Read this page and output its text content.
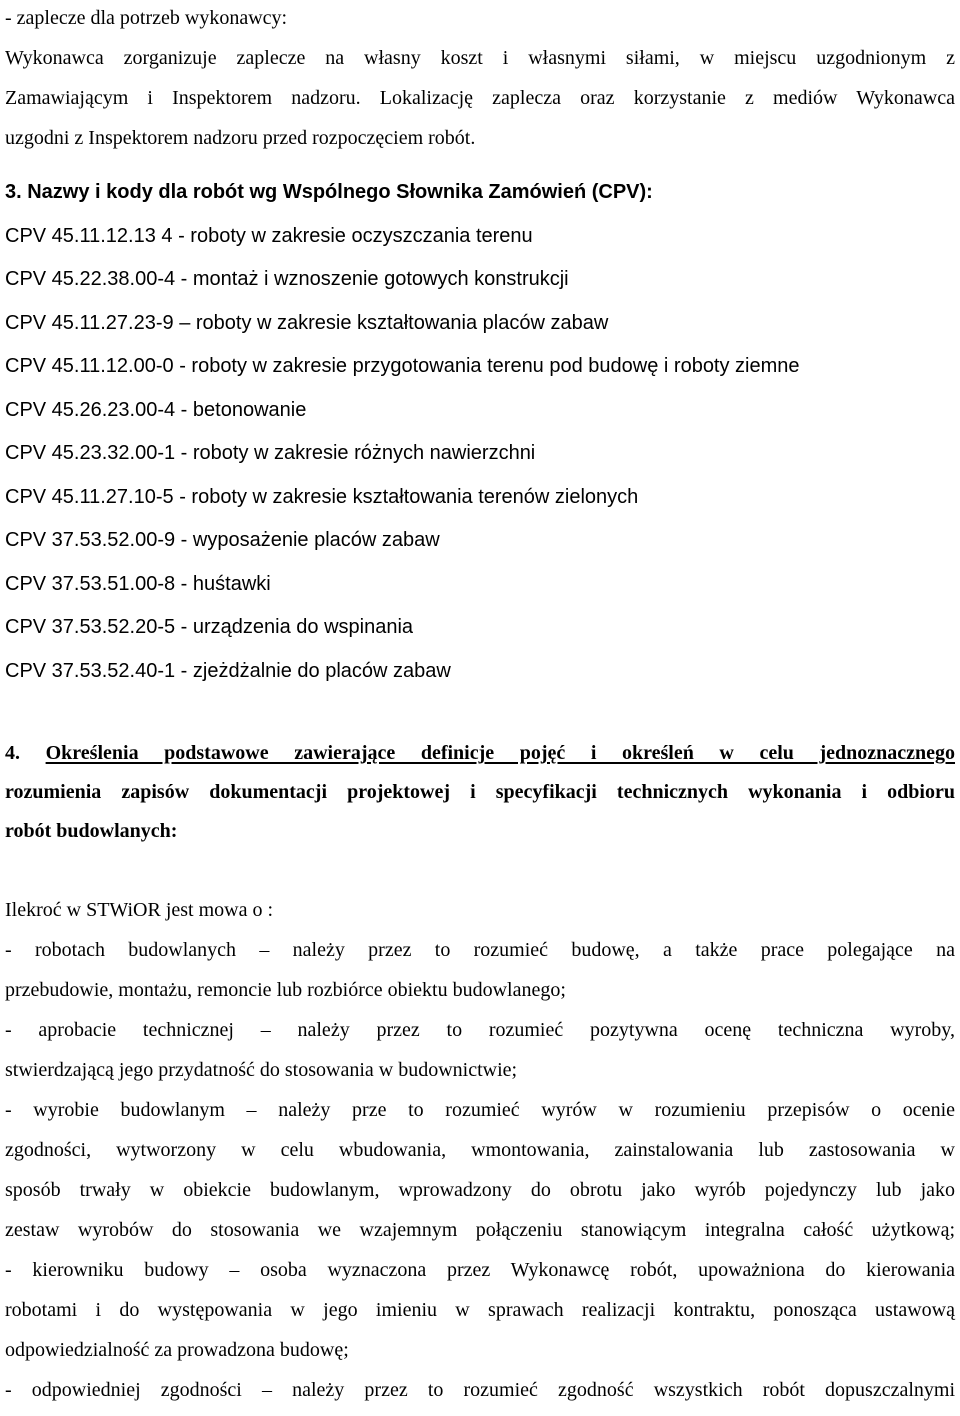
- zaplecze dla potrzeb wykonawcy:
Wykonawca zorganizuje zaplecze na własny koszt i własnymi siłami, w miejscu uzgodnionym z
Zamawiającym i Inspektorem nadzoru. Lokalizację zaplecza oraz korzystanie z mediów Wykonawca
uzgodni z Inspektorem nadzoru przed rozpoczęciem robót.
3. Nazwy i kody dla robót wg Wspólnego Słownika Zamówień (CPV):
CPV 45.11.12.13 4 - roboty w zakresie oczyszczania terenu
CPV 45.22.38.00-4 - montaż i wznoszenie gotowych konstrukcji
CPV 45.11.27.23-9 – roboty w zakresie kształtowania placów zabaw
CPV 45.11.12.00-0 - roboty w zakresie przygotowania terenu pod budowę i roboty ziemne
CPV 45.26.23.00-4 - betonowanie
CPV 45.23.32.00-1 - roboty w zakresie różnych nawierzchni
CPV 45.11.27.10-5 - roboty w zakresie kształtowania terenów zielonych
CPV 37.53.52.00-9 - wyposażenie placów zabaw
CPV 37.53.51.00-8 - huśtawki
CPV 37.53.52.20-5 - urządzenia do wspinania
CPV 37.53.52.40-1 - zjeżdżalnie do placów zabaw
4. Określenia podstawowe zawierające definicje pojęć i określeń w celu jednoznacznego
rozumienia zapisów dokumentacji projektowej i specyfikacji technicznych wykonania i odbioru
robót budowlanych:
Ilekroć w STWiOR jest mowa o :
- robotach budowlanych – należy przez to rozumieć budowę, a także prace polegające na
przebudowie, montażu, remoncie lub rozbiórce obiektu budowlanego;
- aprobacie technicznej – należy przez to rozumieć pozytywna ocenę techniczna wyroby,
stwierdzającą jego przydatność do stosowania w budownictwie;
- wyrobie budowlanym – należy prze to rozumieć wyrów w rozumieniu przepisów o ocenie
zgodności, wytworzony w celu wbudowania, wmontowania, zainstalowania lub zastosowania w
sposób trwały w obiekcie budowlanym, wprowadzony do obrotu jako wyrób pojedynczy lub jako
zestaw wyrobów do stosowania we wzajemnym połączeniu stanowiącym integralna całość użytkową;
- kierowniku budowy – osoba wyznaczona przez Wykonawcę robót, upoważniona do kierowania
robotami i do występowania w jego imieniu w sprawach realizacji kontraktu, ponosząca ustawową
odpowiedzialność za prowadzona budowę;
- odpowiedniej zgodności – należy przez to rozumieć zgodność wszystkich robót dopuszczalnymi
